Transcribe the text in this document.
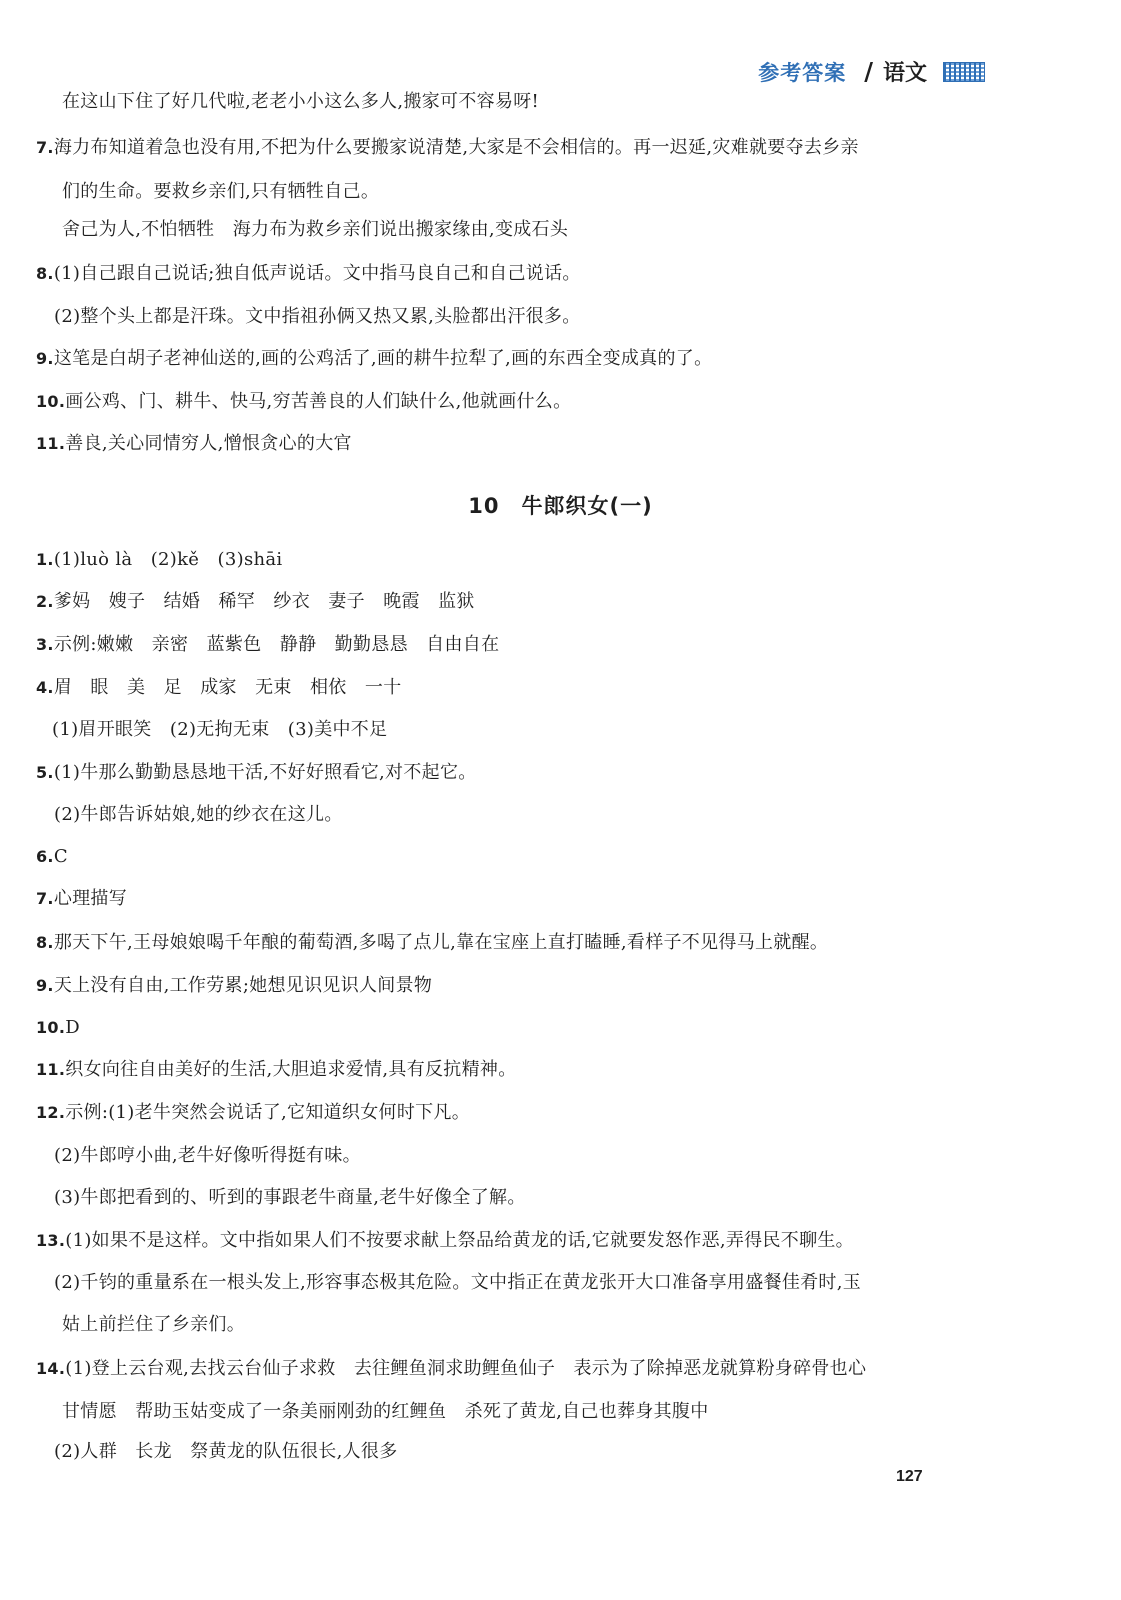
参考答案 / 语文
在这山下住了好几代啦,老老小小这么多人,搬家可不容易呀!
7.海力布知道着急也没有用,不把为什么要搬家说清楚,大家是不会相信的。再一迟延,灾难就要夺去乡亲
们的生命。要救乡亲们,只有牺牲自己。
舍己为人,不怕牺牲　海力布为救乡亲们说出搬家缘由,变成石头
8.(1)自己跟自己说话;独自低声说话。文中指马良自己和自己说话。
(2)整个头上都是汗珠。文中指祖孙俩又热又累,头脸都出汗很多。
9.这笔是白胡子老神仙送的,画的公鸡活了,画的耕牛拉犁了,画的东西全变成真的了。
10.画公鸡、门、耕牛、快马,穷苦善良的人们缺什么,他就画什么。
11.善良,关心同情穷人,憎恨贪心的大官
10 牛郎织女(一)
1.(1)luò là　(2)kě　(3)shāi
2.爹妈　嫂子　结婚　稀罕　纱衣　妻子　晚霞　监狱
3.示例:嫩嫩　亲密　蓝紫色　静静　勤勤恳恳　自由自在
4.眉　眼　美　足　成家　无束　相依　一十
(1)眉开眼笑　(2)无拘无束　(3)美中不足
5.(1)牛那么勤勤恳恳地干活,不好好照看它,对不起它。
(2)牛郎告诉姑娘,她的纱衣在这儿。
6.C
7.心理描写
8.那天下午,王母娘娘喝千年酿的葡萄酒,多喝了点儿,靠在宝座上直打瞌睡,看样子不见得马上就醒。
9.天上没有自由,工作劳累;她想见识见识人间景物
10.D
11.织女向往自由美好的生活,大胆追求爱情,具有反抗精神。
12.示例:(1)老牛突然会说话了,它知道织女何时下凡。
(2)牛郎哼小曲,老牛好像听得挺有味。
(3)牛郎把看到的、听到的事跟老牛商量,老牛好像全了解。
13.(1)如果不是这样。文中指如果人们不按要求献上祭品给黄龙的话,它就要发怒作恶,弄得民不聊生。
(2)千钧的重量系在一根头发上,形容事态极其危险。文中指正在黄龙张开大口准备享用盛餐佳肴时,玉
姑上前拦住了乡亲们。
14.(1)登上云台观,去找云台仙子求救　去往鲤鱼洞求助鲤鱼仙子　表示为了除掉恶龙就算粉身碎骨也心
甘情愿　帮助玉姑变成了一条美丽刚劲的红鲤鱼　杀死了黄龙,自己也葬身其腹中
(2)人群　长龙　祭黄龙的队伍很长,人很多
127
